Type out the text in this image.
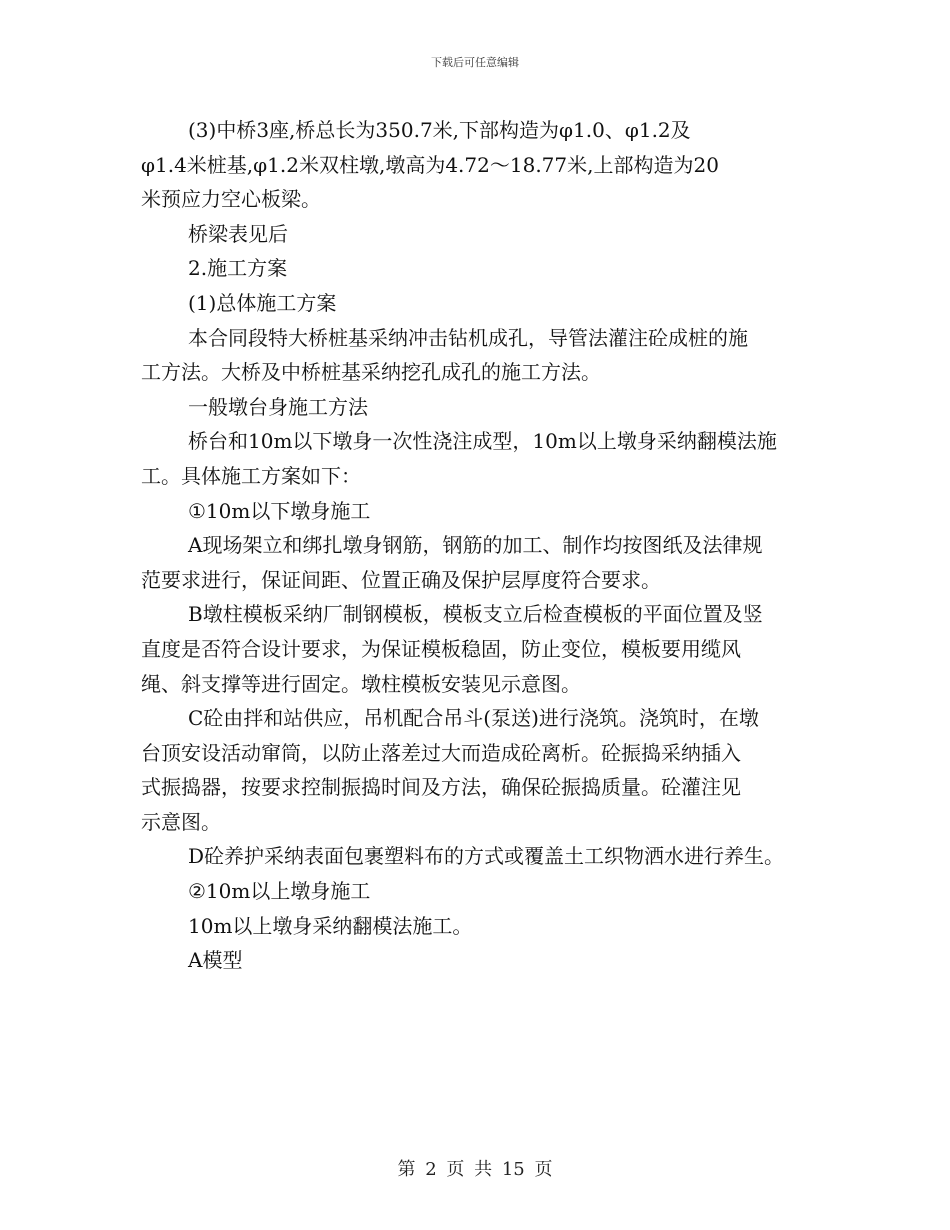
下载后可任意编辑
(3)中桥3座,桥总长为350.7米,下部构造为φ1.0、φ1.2及
φ1.4米桩基,φ1.2米双柱墩,墩高为4.72～18.77米,上部构造为20
米预应力空心板梁。
桥梁表见后
2.施工方案
(1)总体施工方案
本合同段特大桥桩基采纳冲击钻机成孔，导管法灌注砼成桩的施
工方法。大桥及中桥桩基采纳挖孔成孔的施工方法。
一般墩台身施工方法
桥台和10m以下墩身一次性浇注成型，10m以上墩身采纳翻模法施
工。具体施工方案如下：
①10m以下墩身施工
A现场架立和绑扎墩身钢筋，钢筋的加工、制作均按图纸及法律规
范要求进行，保证间距、位置正确及保护层厚度符合要求。
B墩柱模板采纳厂制钢模板，模板支立后检查模板的平面位置及竖
直度是否符合设计要求，为保证模板稳固，防止变位，模板要用缆风
绳、斜支撑等进行固定。墩柱模板安装见示意图。
C砼由拌和站供应，吊机配合吊斗(泵送)进行浇筑。浇筑时，在墩
台顶安设活动窜筒，以防止落差过大而造成砼离析。砼振捣采纳插入
式振捣器，按要求控制振捣时间及方法，确保砼振捣质量。砼灌注见
示意图。
D砼养护采纳表面包裹塑料布的方式或覆盖土工织物洒水进行养生。
②10m以上墩身施工
10m以上墩身采纳翻模法施工。
A模型
第 2 页 共 15 页
